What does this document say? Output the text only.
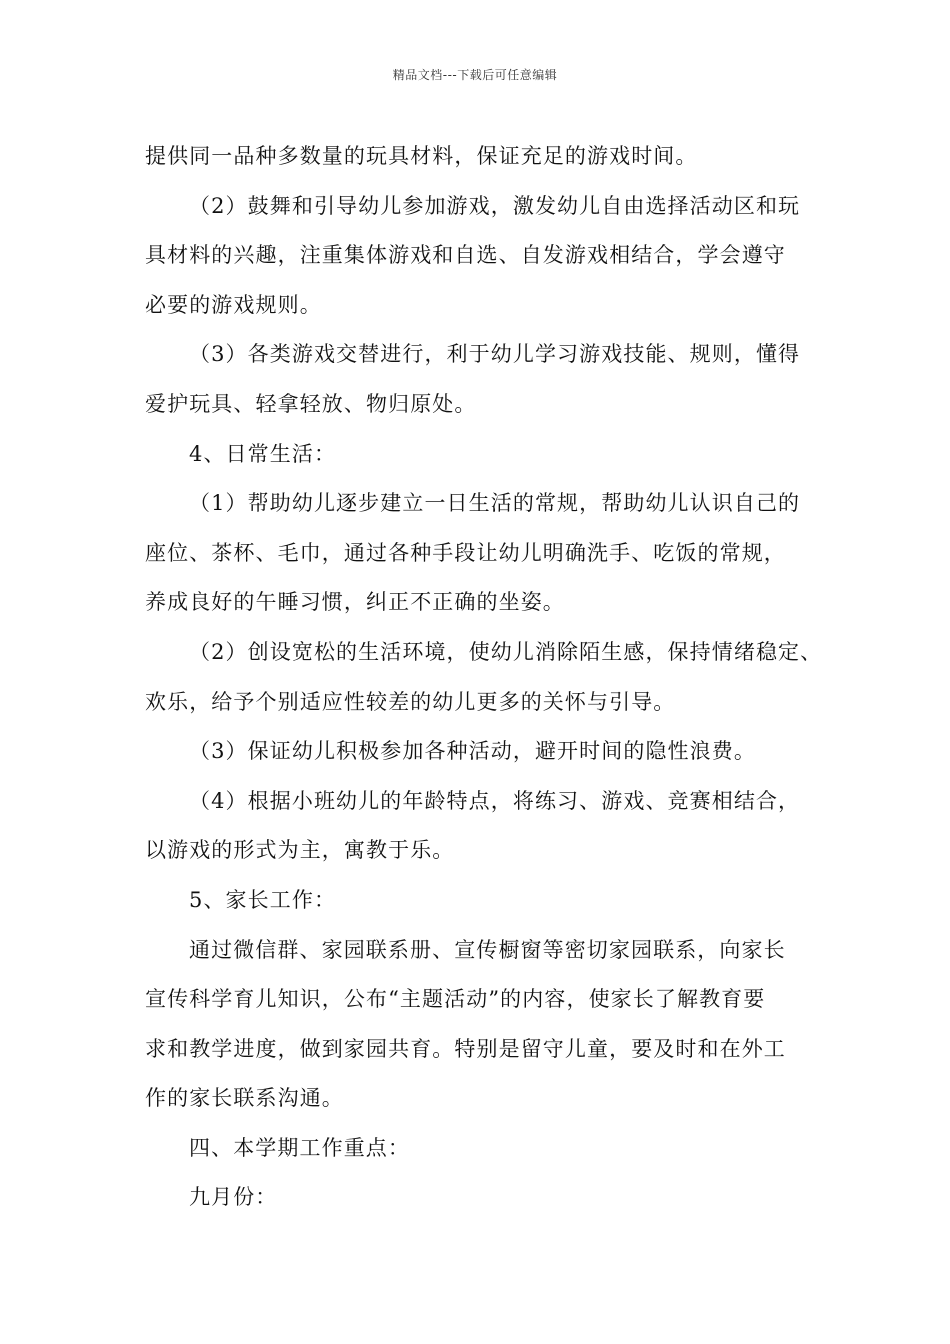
精品文档---下载后可任意编辑
提供同一品种多数量的玩具材料，保证充足的游戏时间。
（2）鼓舞和引导幼儿参加游戏，激发幼儿自由选择活动区和玩
具材料的兴趣，注重集体游戏和自选、自发游戏相结合，学会遵守
必要的游戏规则。
（3）各类游戏交替进行，利于幼儿学习游戏技能、规则，懂得
爱护玩具、轻拿轻放、物归原处。
4、日常生活：
（1）帮助幼儿逐步建立一日生活的常规，帮助幼儿认识自己的
座位、茶杯、毛巾，通过各种手段让幼儿明确洗手、吃饭的常规，
养成良好的午睡习惯，纠正不正确的坐姿。
（2）创设宽松的生活环境，使幼儿消除陌生感，保持情绪稳定、
欢乐，给予个别适应性较差的幼儿更多的关怀与引导。
（3）保证幼儿积极参加各种活动，避开时间的隐性浪费。
（4）根据小班幼儿的年龄特点，将练习、游戏、竞赛相结合，
以游戏的形式为主，寓教于乐。
5、家长工作：
通过微信群、家园联系册、宣传橱窗等密切家园联系，向家长
宣传科学育儿知识，公布“主题活动”的内容，使家长了解教育要
求和教学进度，做到家园共育。特别是留守儿童，要及时和在外工
作的家长联系沟通。
四、本学期工作重点：
九月份：
